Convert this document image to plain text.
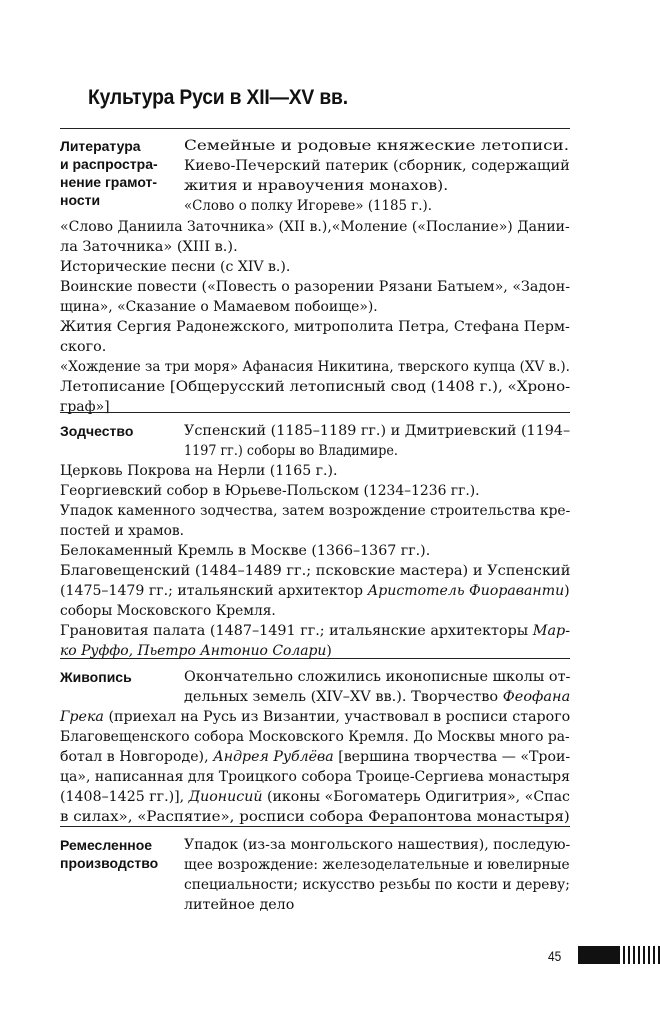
Культура Руси в XII—XV вв.
Литература
и распростра-
нение грамот-
ности
Семейные и родовые княжеские летописи.
Киево-Печерский патерик (сборник, содержащий
жития и нравоучения монахов).
«Слово о полку Игореве» (1185 г.).
«Слово Даниила Заточника» (XII в.),«Моление («Послание») Дании-
ла Заточника» (XIII в.).
Исторические песни (с XIV в.).
Воинские повести («Повесть о разорении Рязани Батыем», «Задон-
щина», «Сказание о Мамаевом побоище»).
Жития Сергия Радонежского, митрополита Петра, Стефана Перм-
ского.
«Хождение за три моря» Афанасия Никитина, тверского купца (XV в.).
Летописание [Общерусский летописный свод (1408 г.), «Хроно-
граф»]
Зодчество	Успенский (1185–1189 гг.) и Дмитриевский (1194–
1197 гг.) соборы во Владимире.
Церковь Покрова на Нерли (1165 г.).
Георгиевский собор в Юрьеве-Польском (1234–1236 гг.).
Упадок каменного зодчества, затем возрождение строительства кре-
постей и храмов.
Белокаменный Кремль в Москве (1366–1367 гг.).
Благовещенский (1484–1489 гг.; псковские мастера) и Успенский
(1475–1479 гг.; итальянский архитектор Аристотель Фиораванти)
соборы Московского Кремля.
Грановитая палата (1487–1491 гг.; итальянские архитекторы Мар-
ко Руффо, Пьетро Антонио Солари)
Живопись	Окончательно сложились иконописные школы от-
дельных земель (XIV–XV вв.). Творчество Феофана
Грека (приехал на Русь из Византии, участвовал в росписи старого
Благовещенского собора Московского Кремля. До Москвы много ра-
ботал в Новгороде), Андрея Рублёва [вершина творчества — «Трои-
ца», написанная для Троицкого собора Троице-Сергиева монастыря
(1408–1425 гг.)], Дионисий (иконы «Богоматерь Одигитрия», «Спас
в силах», «Распятие», росписи собора Ферапонтова монастыря)
Ремесленное
производство
Упадок (из-за монгольского нашествия), последую-
щее возрождение: железоделательные и ювелирные
специальности; искусство резьбы по кости и дереву;
литейное дело
45
